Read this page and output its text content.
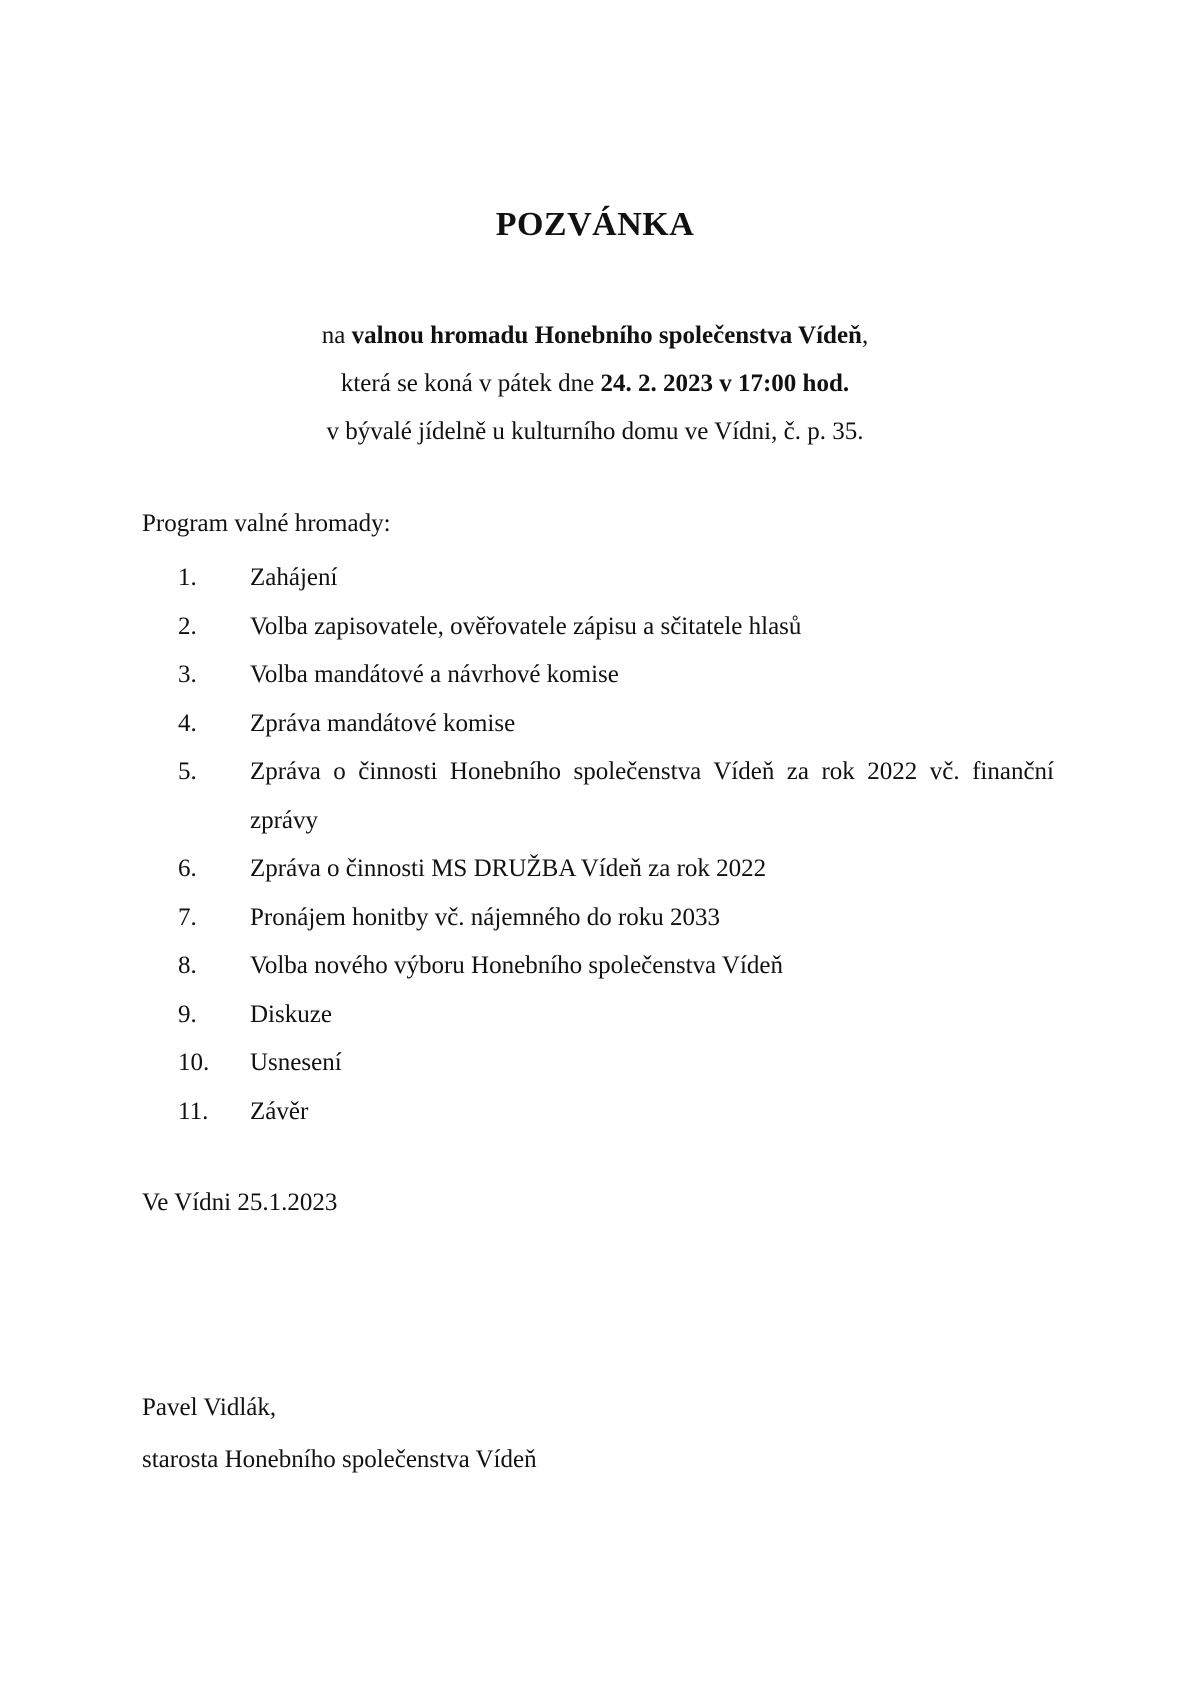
POZVÁNKA
na valnou hromadu Honebního společenstva Vídeň,
která se koná v pátek dne 24. 2. 2023 v 17:00 hod.
v bývalé jídelně u kulturního domu ve Vídni, č. p. 35.
Program valné hromady:
1. Zahájení
2. Volba zapisovatele, ověřovatele zápisu a sčitatele hlasů
3. Volba mandátové a návrhové komise
4. Zpráva mandátové komise
5. Zpráva o činnosti Honebního společenstva Vídeň za rok 2022 vč. finanční zprávy
6. Zpráva o činnosti MS DRUŽBA Vídeň za rok 2022
7. Pronájem honitby vč. nájemného do roku 2033
8. Volba nového výboru Honebního společenstva Vídeň
9. Diskuze
10. Usnesení
11. Závěr
Ve Vídni 25.1.2023
Pavel Vidlák,
starosta Honebního společenstva Vídeň
